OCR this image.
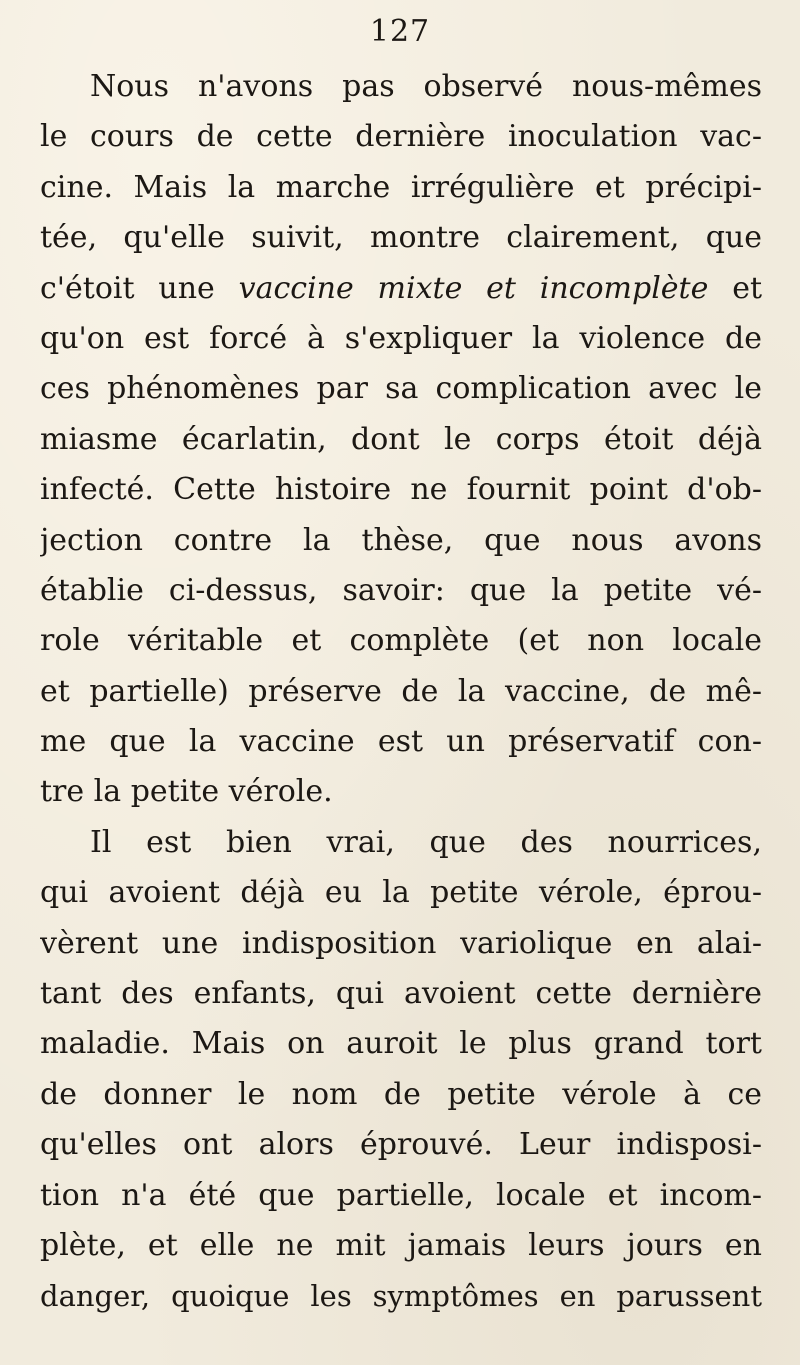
127
Nous n'avons pas observé nous-mêmes
le cours de cette dernière inoculation vac-
cine. Mais la marche irrégulière et précipi-
tée, qu'elle suivit, montre clairement, que
c'étoit une vaccine mixte et incomplète et
qu'on est forcé à s'expliquer la violence de
ces phénomènes par sa complication avec le
miasme écarlatin, dont le corps étoit déjà
infecté. Cette histoire ne fournit point d'ob-
jection contre la thèse, que nous avons
établie ci-dessus, savoir: que la petite vé-
role véritable et complète (et non locale
et partielle) préserve de la vaccine, de mê-
me que la vaccine est un préservatif con-
tre la petite vérole.
Il est bien vrai, que des nourrices,
qui avoient déjà eu la petite vérole, éprou-
vèrent une indisposition variolique en alai-
tant des enfants, qui avoient cette dernière
maladie. Mais on auroit le plus grand tort
de donner le nom de petite vérole à ce
qu'elles ont alors éprouvé. Leur indisposi-
tion n'a été que partielle, locale et incom-
plète, et elle ne mit jamais leurs jours en
danger, quoique les symptômes en parussent
